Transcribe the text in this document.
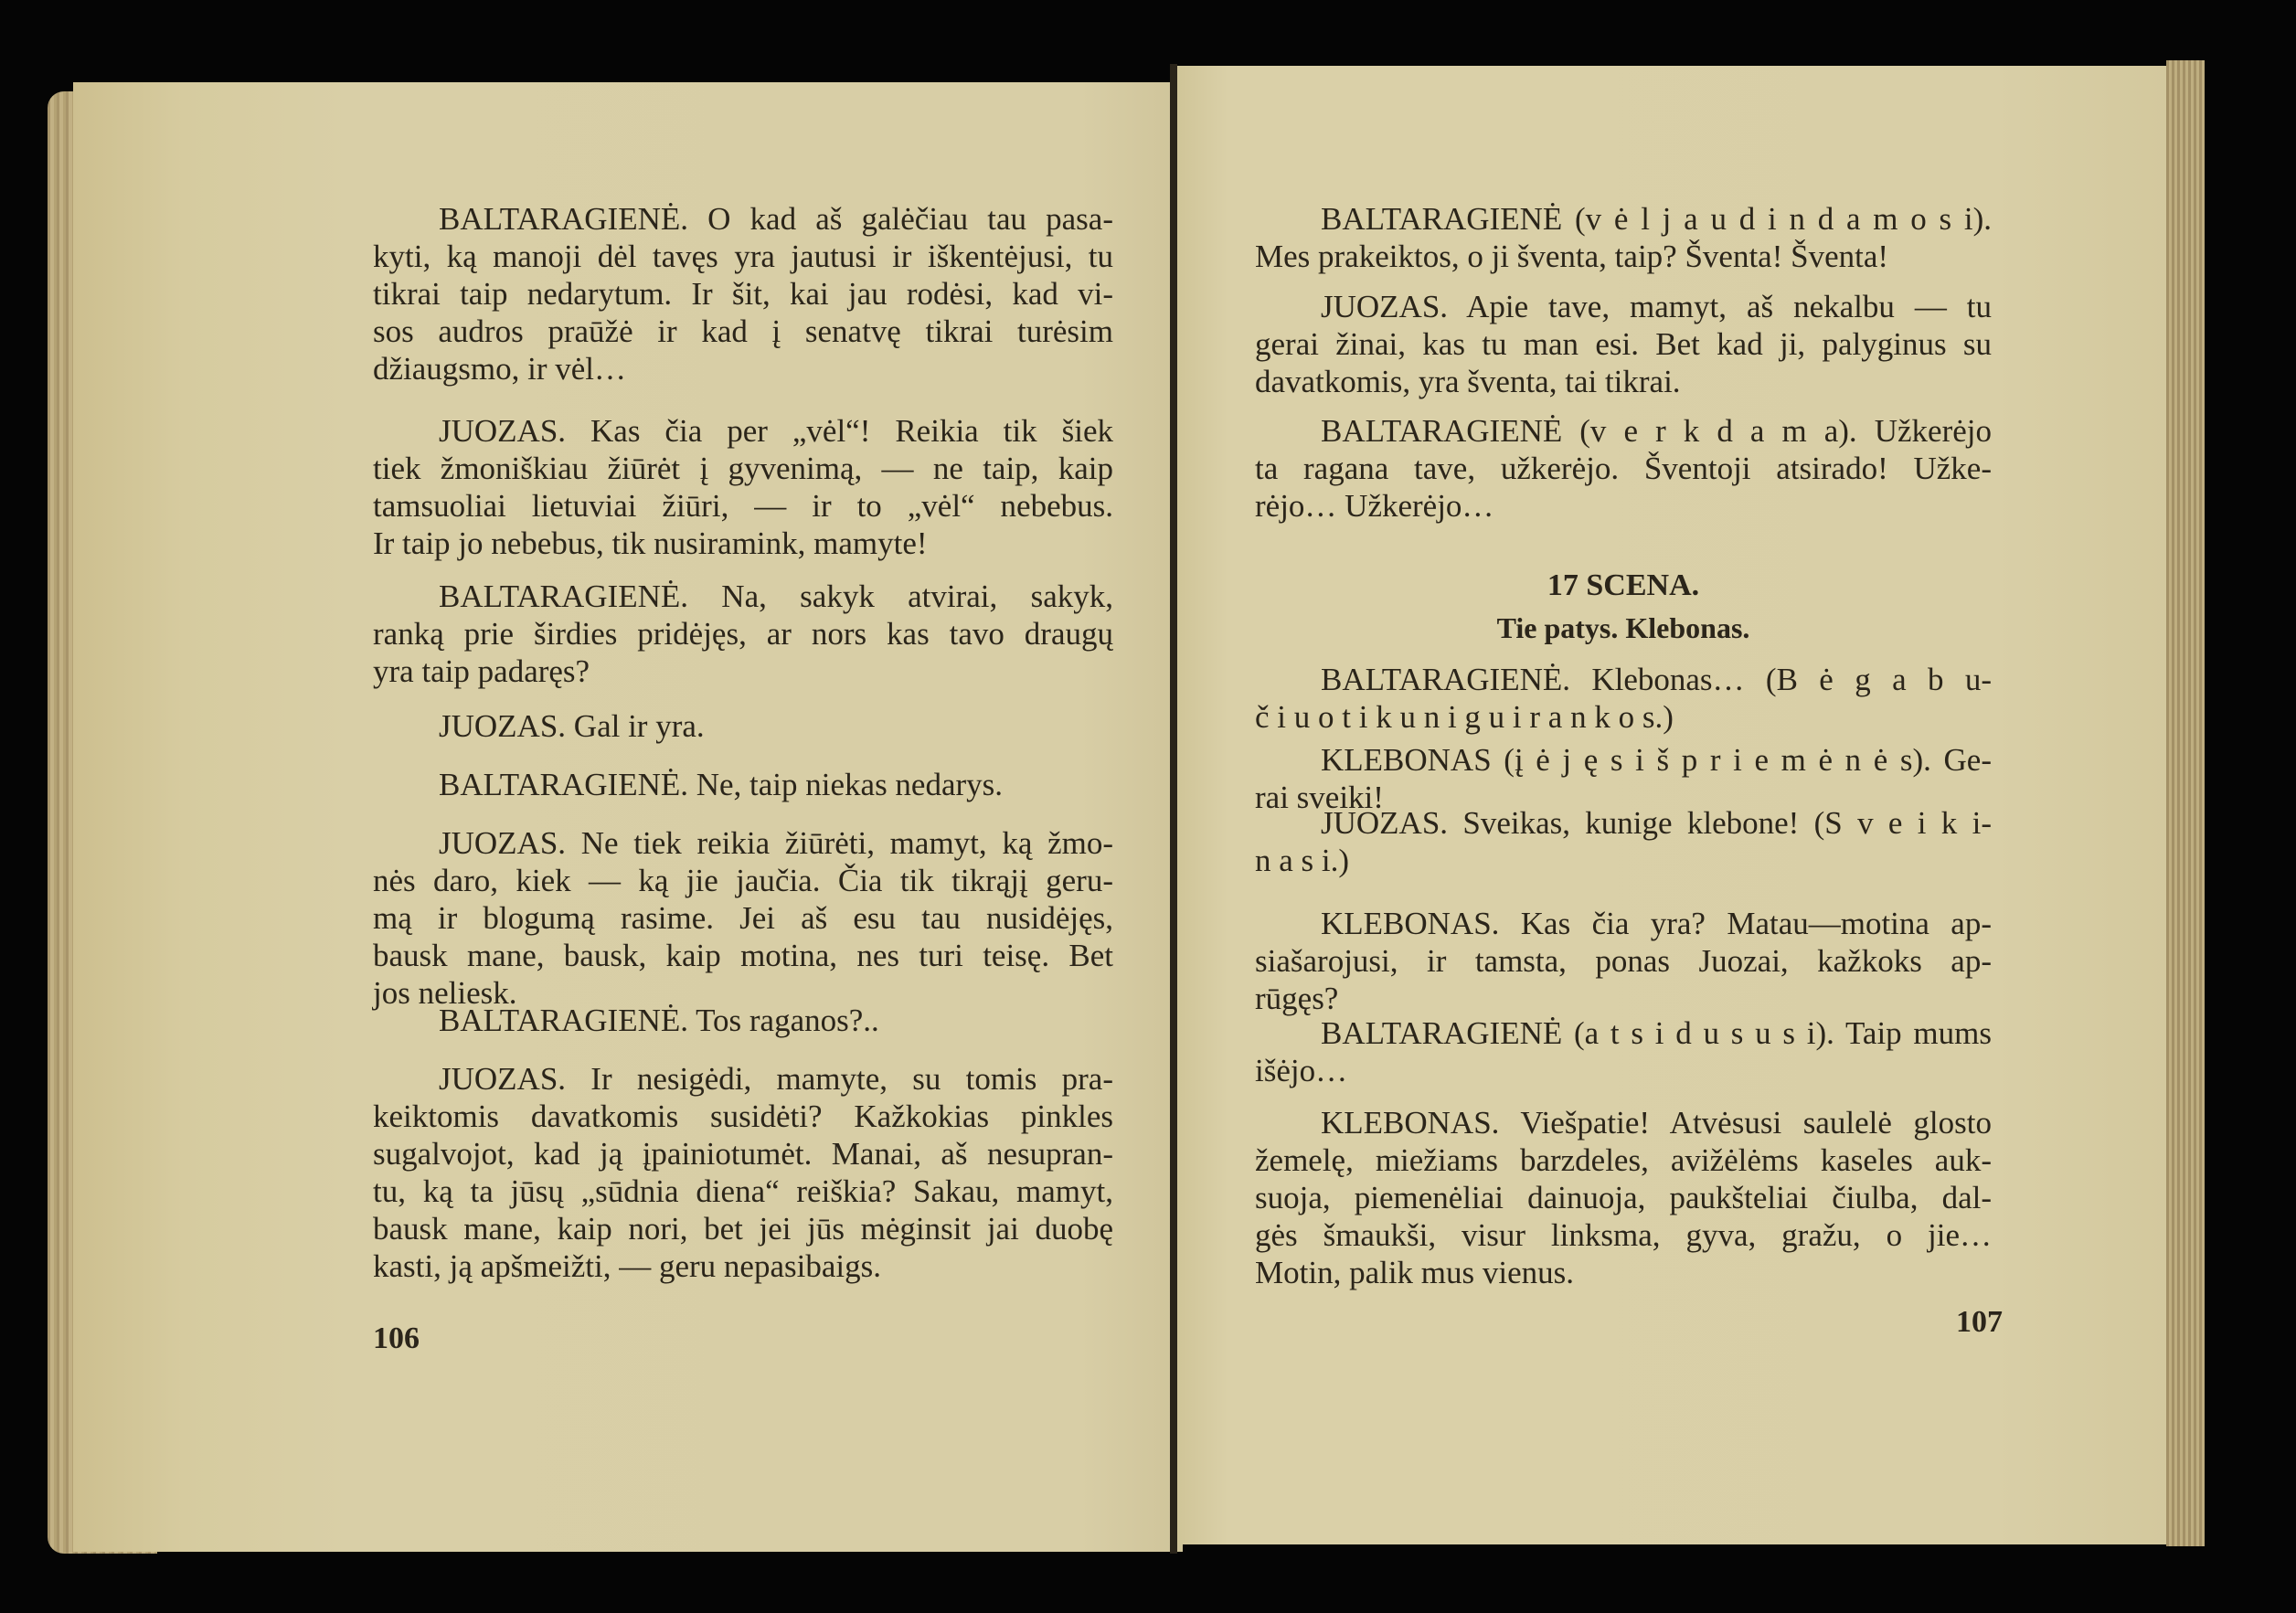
106	107
17 SCENA.
Tie patys. Klebonas.
BALTARAGIENĖ. O kad aš galėčiau tau pasa-
kyti, ką manoji dėl tavęs yra jautusi ir iškentėjusi, tu
tikrai taip nedarytum. Ir šit, kai jau rodėsi, kad vi-
sos audros praūžė ir kad į senatvę tikrai turėsim
džiaugsmo, ir vėl…
JUOZAS. Kas čia per „vėl“! Reikia tik šiek
tiek žmoniškiau žiūrėt į gyvenimą, — ne taip, kaip
tamsuoliai lietuviai žiūri, — ir to „vėl“ nebebus.
Ir taip jo nebebus, tik nusiramink, mamyte!
BALTARAGIENĖ. Na, sakyk atvirai, sakyk,
ranką prie širdies pridėjęs, ar nors kas tavo draugų
yra taip padaręs?
JUOZAS. Gal ir yra.
BALTARAGIENĖ. Ne, taip niekas nedarys.
JUOZAS. Ne tiek reikia žiūrėti, mamyt, ką žmo-
nės daro, kiek — ką jie jaučia. Čia tik tikrąjį geru-
mą ir blogumą rasime. Jei aš esu tau nusidėjęs,
bausk mane, bausk, kaip motina, nes turi teisę. Bet
jos neliesk.
BALTARAGIENĖ. Tos raganos?..
JUOZAS. Ir nesigėdi, mamyte, su tomis pra-
keiktomis davatkomis susidėti? Kažkokias pinkles
sugalvojot, kad ją įpainiotumėt. Manai, aš nesupran-
tu, ką ta jūsų „sūdnia diena“ reiškia? Sakau, mamyt,
bausk mane, kaip nori, bet jei jūs mėginsit jai duobę
kasti, ją apšmeižti, — geru nepasibaigs.
BALTARAGIENĖ (v ė l j a u d i n d a m o s i).
Mes prakeiktos, o ji šventa, taip? Šventa! Šventa!
JUOZAS. Apie tave, mamyt, aš nekalbu — tu
gerai žinai, kas tu man esi. Bet kad ji, palyginus su
davatkomis, yra šventa, tai tikrai.
BALTARAGIENĖ (v e r k d a m a). Užkerėjo
ta ragana tave, užkerėjo. Šventoji atsirado! Užke-
rėjo… Užkerėjo…
BALTARAGIENĖ. Klebonas… (B ė g a b u-
č i u o t i k u n i g u i r a n k o s.)
KLEBONAS (į ė j ę s i š p r i e m ė n ė s). Ge-
rai sveiki!
JUOZAS. Sveikas, kunige klebone! (S v e i k i-
n a s i.)
KLEBONAS. Kas čia yra? Matau—motina ap-
siašarojusi, ir tamsta, ponas Juozai, kažkoks ap-
rūgęs?
BALTARAGIENĖ (a t s i d u s u s i). Taip mums
išėjo…
KLEBONAS. Viešpatie! Atvėsusi saulelė glosto
žemelę, miežiams barzdeles, avižėlėms kaseles auk-
suoja, piemenėliai dainuoja, paukšteliai čiulba, dal-
gės šmaukši, visur linksma, gyva, gražu, o jie…
Motin, palik mus vienus.
